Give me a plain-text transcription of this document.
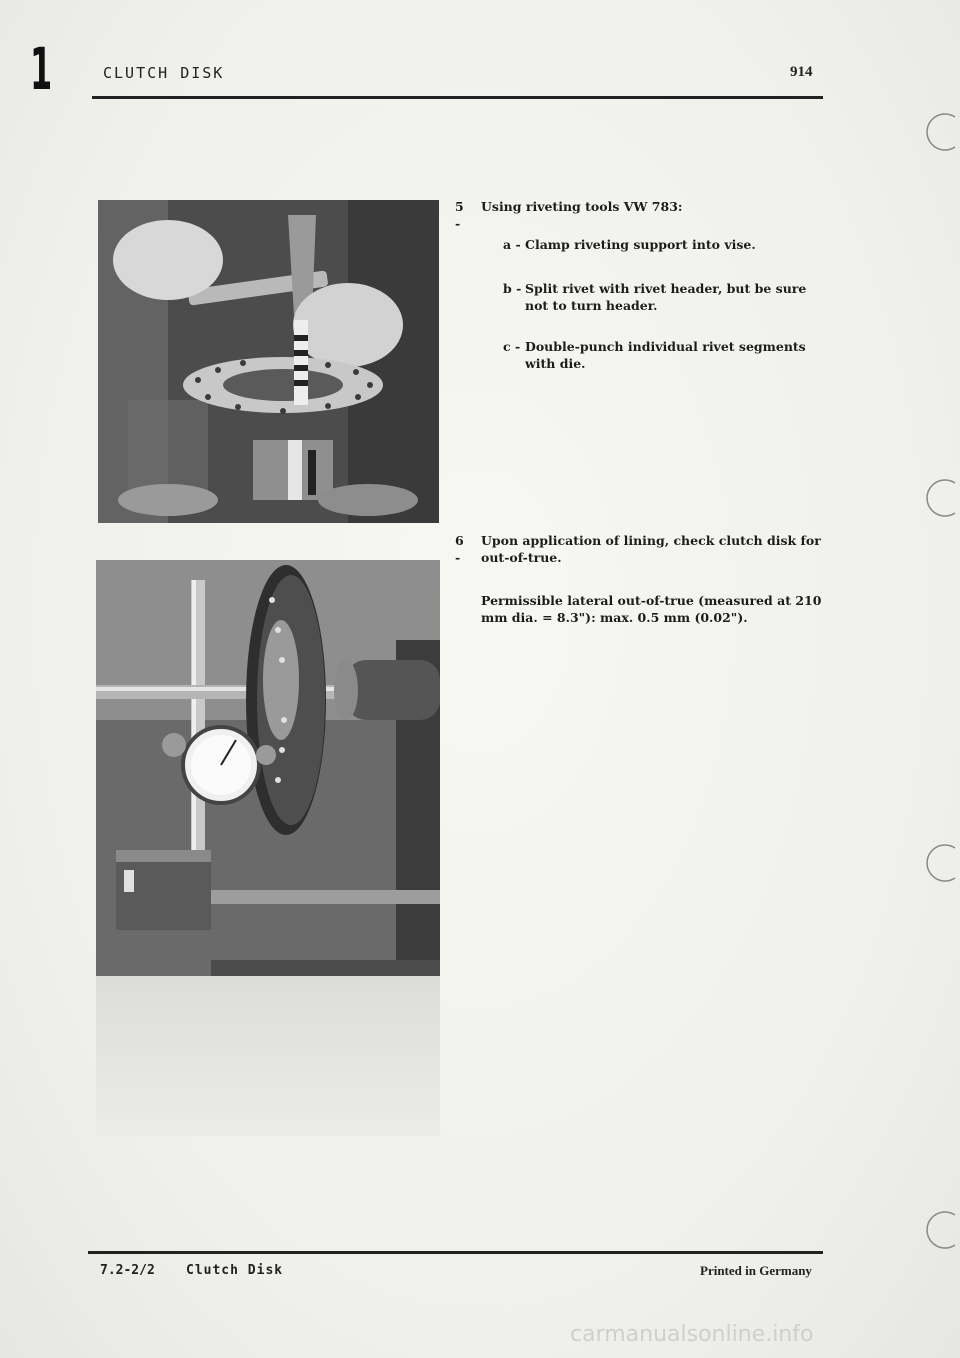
1	CLUTCH DISK	914
5 -
Using riveting tools VW 783:
a - Clamp riveting support into vise.
b - Split rivet with rivet header, but be sure not to turn header.
c - Double-punch individual rivet segments with die.
6 -
Upon application of lining, check clutch disk for out-of-true.
Permissible lateral out-of-true (measured at 210 mm dia. = 8.3"): max. 0.5 mm (0.02").
7.2-2/2 Clutch Disk	Printed in Germany
carmanualsonline.info
